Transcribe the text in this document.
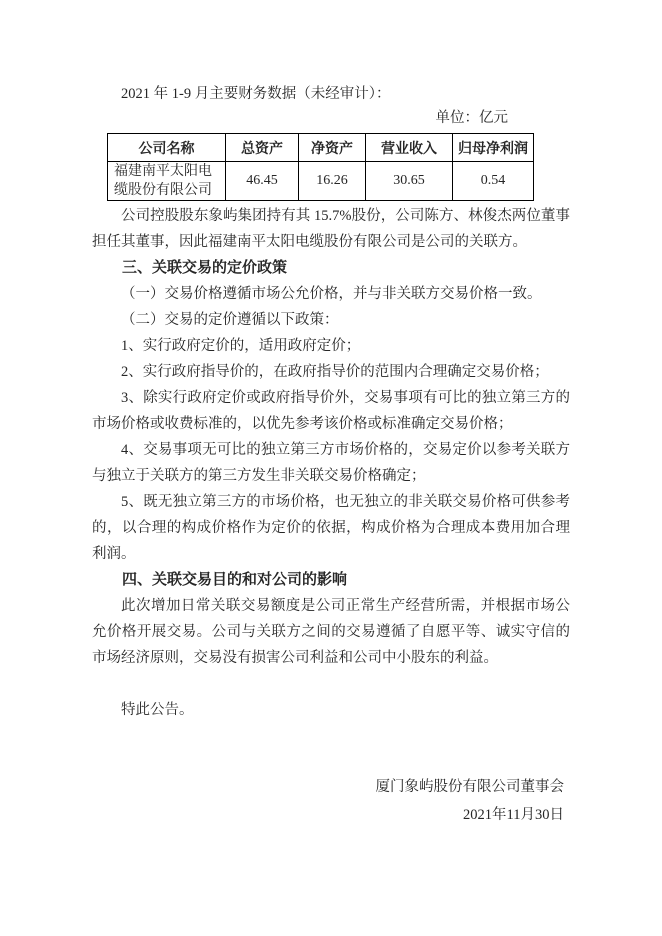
2021 年 1-9 月主要财务数据（未经审计）：

单位：亿元

公司名称	总资产	净资产	营业收入	归母净利润
福建南平太阳电缆股份有限公司	46.45	16.26	30.65	0.54

公司控股股东象屿集团持有其 15.7%股份，公司陈方、林俊杰两位董事担任其董事，因此福建南平太阳电缆股份有限公司是公司的关联方。

三、关联交易的定价政策

（一）交易价格遵循市场公允价格，并与非关联方交易价格一致。

（二）交易的定价遵循以下政策：

1、实行政府定价的，适用政府定价；

2、实行政府指导价的，在政府指导价的范围内合理确定交易价格；

3、除实行政府定价或政府指导价外，交易事项有可比的独立第三方的市场价格或收费标准的，以优先参考该价格或标准确定交易价格；

4、交易事项无可比的独立第三方市场价格的，交易定价以参考关联方与独立于关联方的第三方发生非关联交易价格确定；

5、既无独立第三方的市场价格，也无独立的非关联交易价格可供参考的，以合理的构成价格作为定价的依据，构成价格为合理成本费用加合理利润。

四、关联交易目的和对公司的影响

此次增加日常关联交易额度是公司正常生产经营所需，并根据市场公允价格开展交易。公司与关联方之间的交易遵循了自愿平等、诚实守信的市场经济原则，交易没有损害公司利益和公司中小股东的利益。

特此公告。

厦门象屿股份有限公司董事会

2021年11月30日
